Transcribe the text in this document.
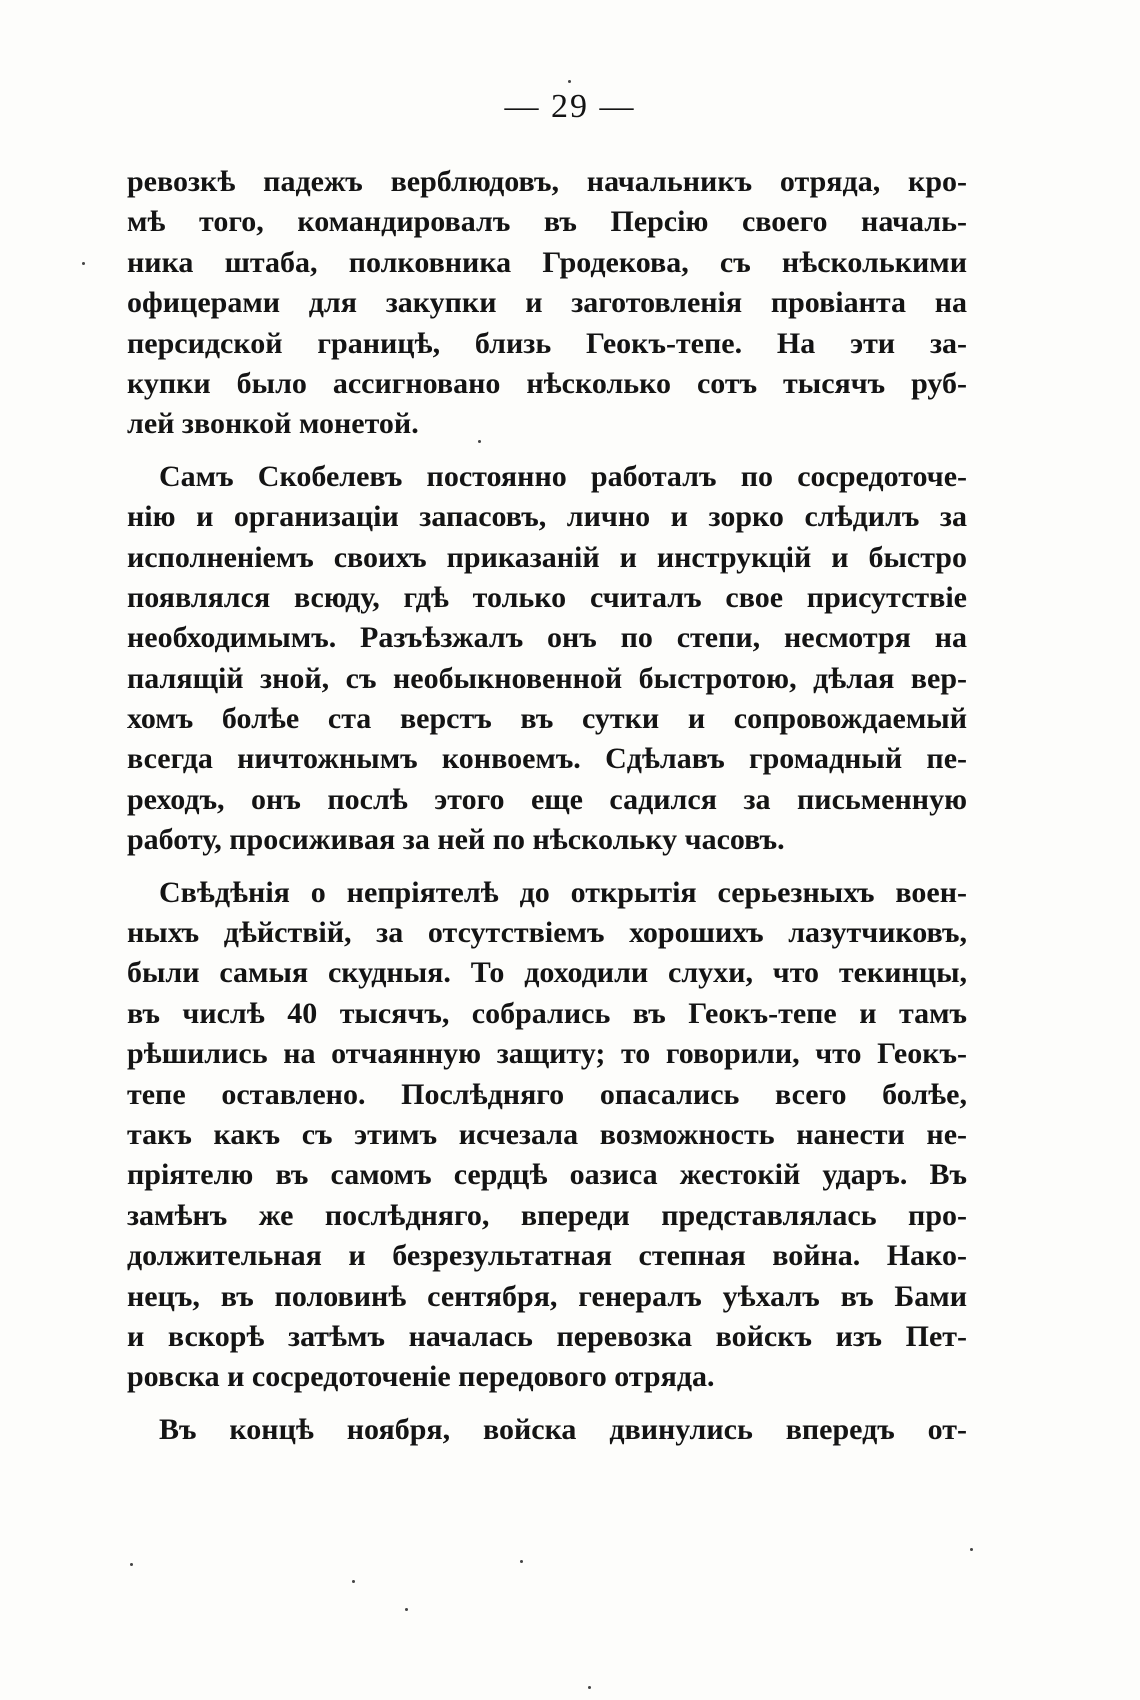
— 29 —
ревозкѣ падежъ верблюдовъ, начальникъ отряда, кро-
мѣ того, командировалъ въ Персію своего началь-
ника штаба, полковника Гродекова, съ нѣсколькими
офицерами для закупки и заготовленія провіанта на
персидской границѣ, близь Геокъ-тепе. На эти за-
купки было ассигновано нѣсколько сотъ тысячъ руб-
лей звонкой монетой.
Самъ Скобелевъ постоянно работалъ по сосредоточе-
нію и организаціи запасовъ, лично и зорко слѣдилъ за
исполненіемъ своихъ приказаній и инструкцій и быстро
появлялся всюду, гдѣ только считалъ свое присутствіе
необходимымъ. Разъѣзжалъ онъ по степи, несмотря на
палящій зной, съ необыкновенной быстротою, дѣлая вер-
хомъ болѣе ста верстъ въ сутки и сопровождаемый
всегда ничтожнымъ конвоемъ. Сдѣлавъ громадный пе-
реходъ, онъ послѣ этого еще садился за письменную
работу, просиживая за ней по нѣскольку часовъ.
Свѣдѣнія о непріятелѣ до открытія серьезныхъ воен-
ныхъ дѣйствій, за отсутствіемъ хорошихъ лазутчиковъ,
были самыя скудныя. То доходили слухи, что текинцы,
въ числѣ 40 тысячъ, собрались въ Геокъ-тепе и тамъ
рѣшились на отчаянную защиту; то говорили, что Геокъ-
тепе оставлено. Послѣдняго опасались всего болѣе,
такъ какъ съ этимъ исчезала возможность нанести не-
пріятелю въ самомъ сердцѣ оазиса жестокій ударъ. Въ
замѣнъ же послѣдняго, впереди представлялась про-
должительная и безрезультатная степная война. Нако-
нецъ, въ половинѣ сентября, генералъ уѣхалъ въ Бами
и вскорѣ затѣмъ началась перевозка войскъ изъ Пет-
ровска и сосредоточеніе передового отряда.
Въ концѣ ноября, войска двинулись впередъ от-
